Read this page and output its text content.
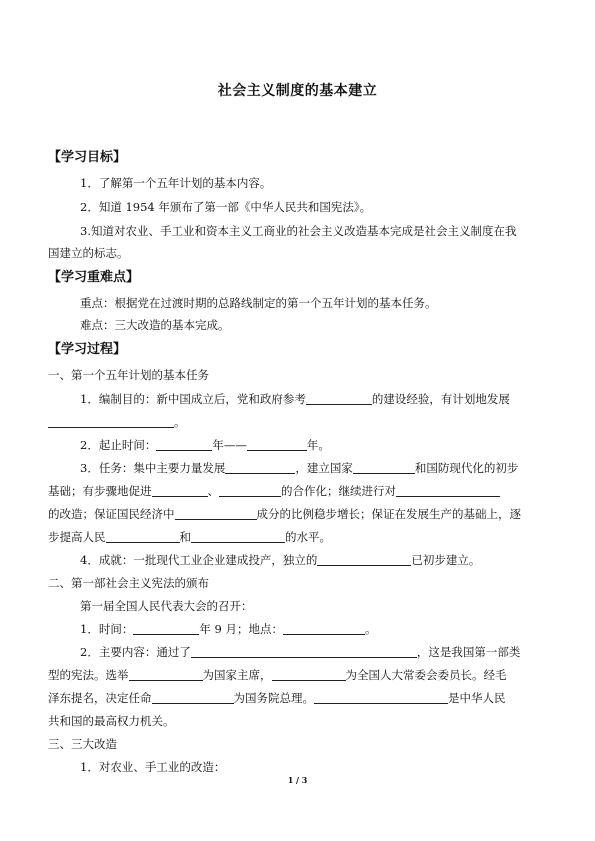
社会主义制度的基本建立
【学习目标】
1．了解第一个五年计划的基本内容。
2．知道 1954 年颁布了第一部《中华人民共和国宪法》。
3.知道对农业、手工业和资本主义工商业的社会主义改造基本完成是社会主义制度在我
国建立的标志。
【学习重难点】
重点：根据党在过渡时期的总路线制定的第一个五年计划的基本任务。
难点：三大改造的基本完成。
【学习过程】
一、第一个五年计划的基本任务
1．编制目的：新中国成立后，党和政府参考	的建设经验，有计划地发展
。
2．起止时间：	年——	年。
3．任务：集中主要力量发展	，建立国家	和国防现代化的初步
基础；有步骤地促进	、	的合作化；继续进行对
的改造；保证国民经济中	成分的比例稳步增长；保证在发展生产的基础上，逐
步提高人民	和	的水平。
4．成就：一批现代工业企业建成投产，独立的	已初步建立。
二、第一部社会主义宪法的颁布
第一届全国人民代表大会的召开：
1．时间：	年 9 月；地点：	。
2．主要内容：通过了	，这是我国第一部类
型的宪法。选举	为国家主席，	为全国人大常委会委员长。经毛
泽东提名，决定任命	为国务院总理。	是中华人民
共和国的最高权力机关。
三、三大改造
1．对农业、手工业的改造：
1 / 3
